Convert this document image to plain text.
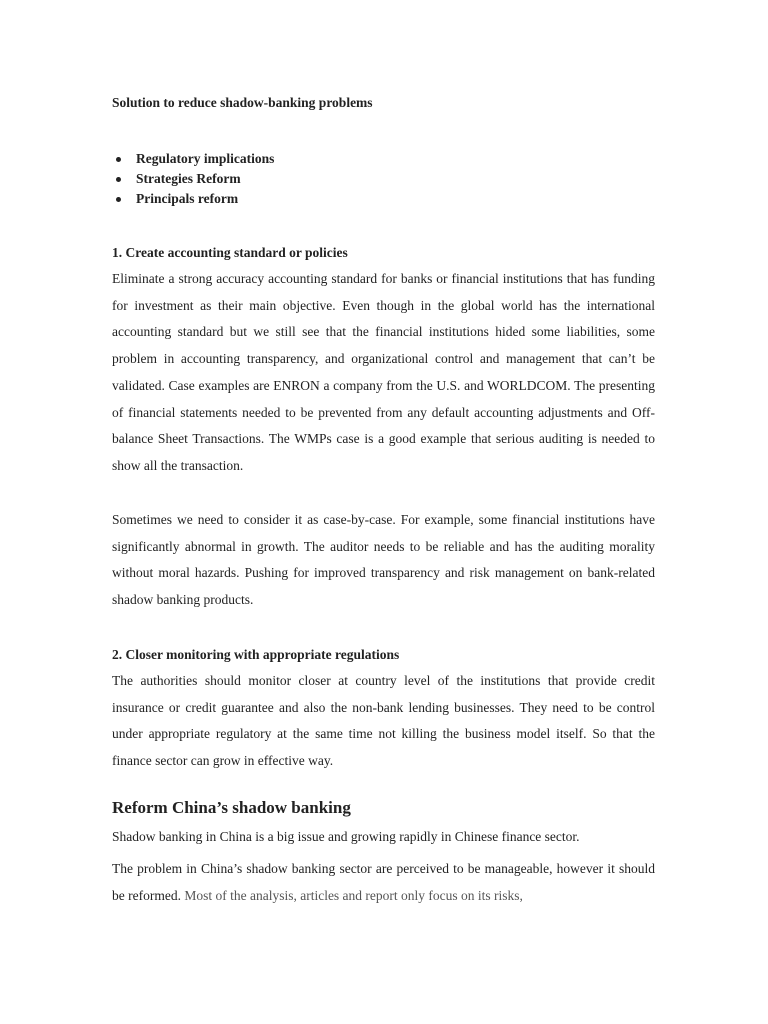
Solution to reduce shadow-banking problems
Regulatory implications
Strategies Reform
Principals reform
1. Create accounting standard or policies

Eliminate a strong accuracy accounting standard for banks or financial institutions that has funding for investment as their main objective. Even though in the global world has the international accounting standard but we still see that the financial institutions hided some liabilities, some problem in accounting transparency, and organizational control and management that can’t be validated. Case examples are ENRON a company from the U.S. and WORLDCOM. The presenting of financial statements needed to be prevented from any default accounting adjustments and Off-balance Sheet Transactions. The WMPs case is a good example that serious auditing is needed to show all the transaction.

Sometimes we need to consider it as case-by-case. For example, some financial institutions have significantly abnormal in growth. The auditor needs to be reliable and has the auditing morality without moral hazards. Pushing for improved transparency and risk management on bank-related shadow banking products.

2. Closer monitoring with appropriate regulations

The authorities should monitor closer at country level of the institutions that provide credit insurance or credit guarantee and also the non-bank lending businesses. They need to be control under appropriate regulatory at the same time not killing the business model itself. So that the finance sector can grow in effective way.

Reform China’s shadow banking

Shadow banking in China is a big issue and growing rapidly in Chinese finance sector.

The problem in China’s shadow banking sector are perceived to be manageable, however it should be reformed. Most of the analysis, articles and report only focus on its risks,
